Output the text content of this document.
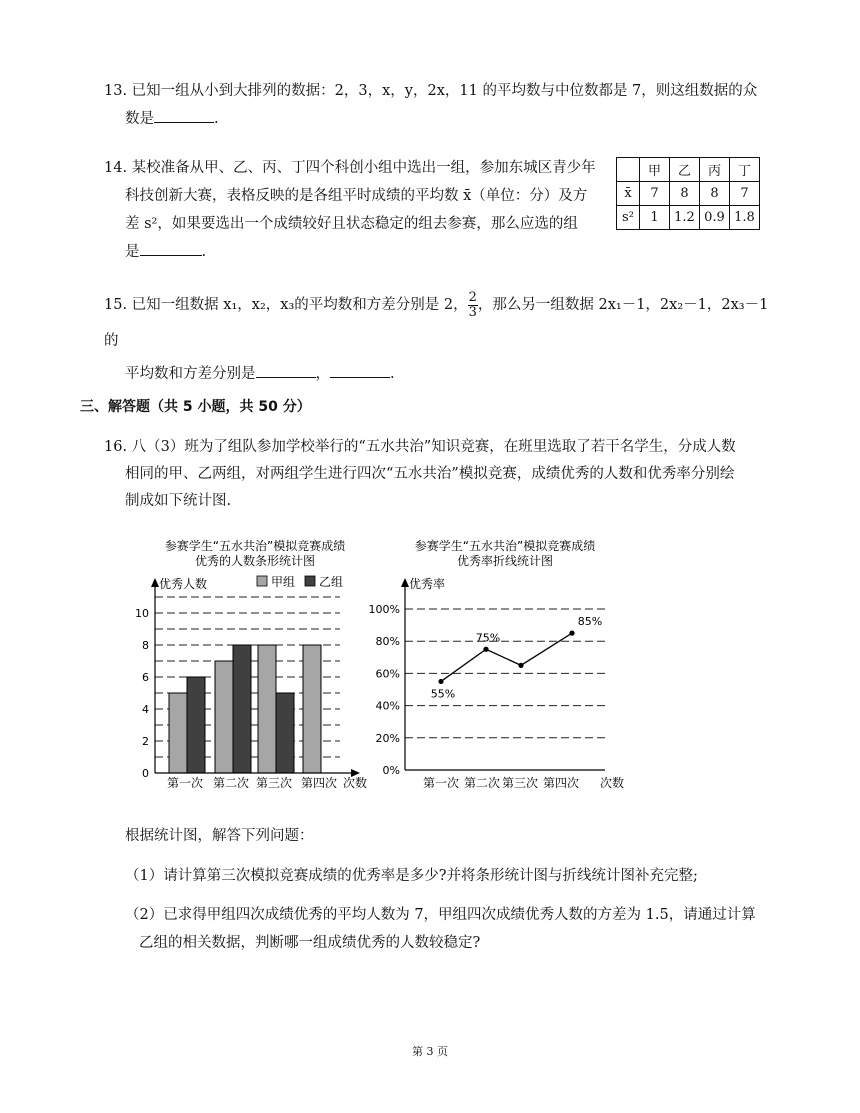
13. 已知一组从小到大排列的数据：2，3，x，y，2x，11 的平均数与中位数都是 7，则这组数据的众
数是	.
14. 某校准备从甲、乙、丙、丁四个科创小组中选出一组，参加东城区青少年
科技创新大赛，表格反映的是各组平时成绩的平均数 x̄（单位：分）及方
差 s²，如果要选出一个成绩较好且状态稳定的组去参赛，那么应选的组
是	.
	甲	乙	丙	丁
x̄	7	8	8	7
s²	1	1.2	0.9	1.8
15. 已知一组数据 x₁，x₂，x₃的平均数和方差分别是 2， $\frac{2}{3}$ ，那么另一组数据 2x₁－1，2x₂－1，2x₃－1 的
平均数和方差分别是	，	.
三、解答题（共 5 小题，共 50 分）
16. 八（3）班为了组队参加学校举行的“五水共治”知识竞赛，在班里选取了若干名学生，分成人数
相同的甲、乙两组，对两组学生进行四次“五水共治”模拟竞赛，成绩优秀的人数和优秀率分别绘
制成如下统计图.
参赛学生“五水共治”模拟竞赛成绩
优秀的人数条形统计图
优秀人数	甲组 乙组
次数
0
2
4
6
8
10
第一次 第二次 第三次 第四次
参赛学生“五水共治”模拟竞赛成绩
优秀率折线统计图
优秀率
次数
0%
20%
40%
60%
80%
100%
55%
75%
85%
第一次 第二次 第三次 第四次
根据统计图，解答下列问题：
（1）请计算第三次模拟竞赛成绩的优秀率是多少?并将条形统计图与折线统计图补充完整;
（2）已求得甲组四次成绩优秀的平均人数为 7，甲组四次成绩优秀人数的方差为 1.5，请通过计算
乙组的相关数据，判断哪一组成绩优秀的人数较稳定?
第 3 页
